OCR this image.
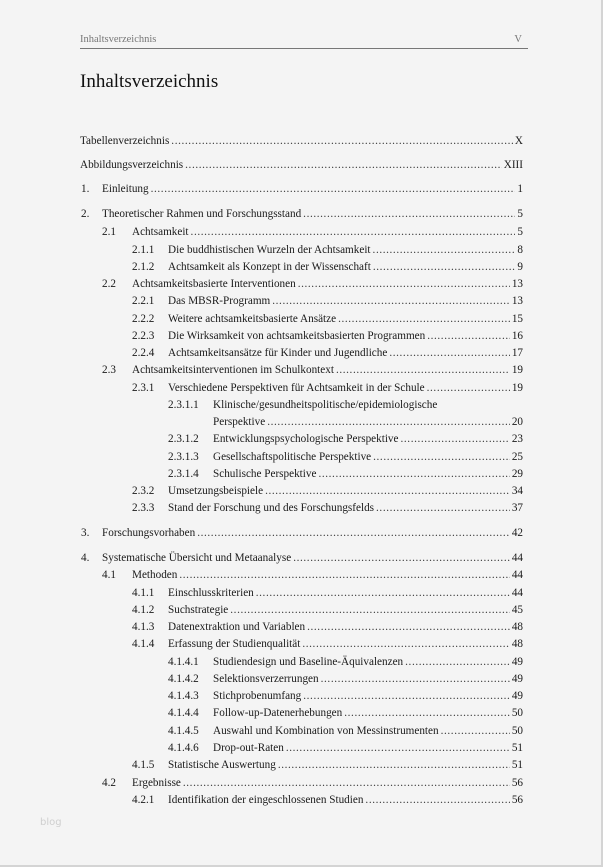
Inhaltsverzeichnis	V
Inhaltsverzeichnis
Tabellenverzeichnis .....	X
Abbildungsverzeichnis .....	XIII
1. Einleitung .....	1
2. Theoretischer Rahmen und Forschungsstand .....	5
2.1 Achtsamkeit .....	5
2.1.1 Die buddhistischen Wurzeln der Achtsamkeit .....	8
2.1.2 Achtsamkeit als Konzept in der Wissenschaft .....	9
2.2 Achtsamkeitsbasierte Interventionen .....	13
2.2.1 Das MBSR-Programm .....	13
2.2.2 Weitere achtsamkeitsbasierte Ansätze .....	15
2.2.3 Die Wirksamkeit von achtsamkeitsbasierten Programmen .....	16
2.2.4 Achtsamkeitsansätze für Kinder und Jugendliche .....	17
2.3 Achtsamkeitsinterventionen im Schulkontext .....	19
2.3.1 Verschiedene Perspektiven für Achtsamkeit in der Schule .....	19
2.3.1.1 Klinische/gesundheitspolitische/epidemiologische
Perspektive .....	20
2.3.1.2 Entwicklungspsychologische Perspektive .....	23
2.3.1.3 Gesellschaftspolitische Perspektive .....	25
2.3.1.4 Schulische Perspektive .....	29
2.3.2 Umsetzungsbeispiele .....	34
2.3.3 Stand der Forschung und des Forschungsfelds .....	37
3. Forschungsvorhaben .....	42
4. Systematische Übersicht und Metaanalyse .....	44
4.1 Methoden .....	44
4.1.1 Einschlusskriterien .....	44
4.1.2 Suchstrategie .....	45
4.1.3 Datenextraktion und Variablen .....	48
4.1.4 Erfassung der Studienqualität .....	48
4.1.4.1 Studiendesign und Baseline-Äquivalenzen .....	49
4.1.4.2 Selektionsverzerrungen .....	49
4.1.4.3 Stichprobenumfang .....	49
4.1.4.4 Follow-up-Datenerhebungen .....	50
4.1.4.5 Auswahl und Kombination von Messinstrumenten .....	50
4.1.4.6 Drop-out-Raten .....	51
4.1.5 Statistische Auswertung .....	51
4.2 Ergebnisse .....	56
4.2.1 Identifikation der eingeschlossenen Studien .....	56
blog
